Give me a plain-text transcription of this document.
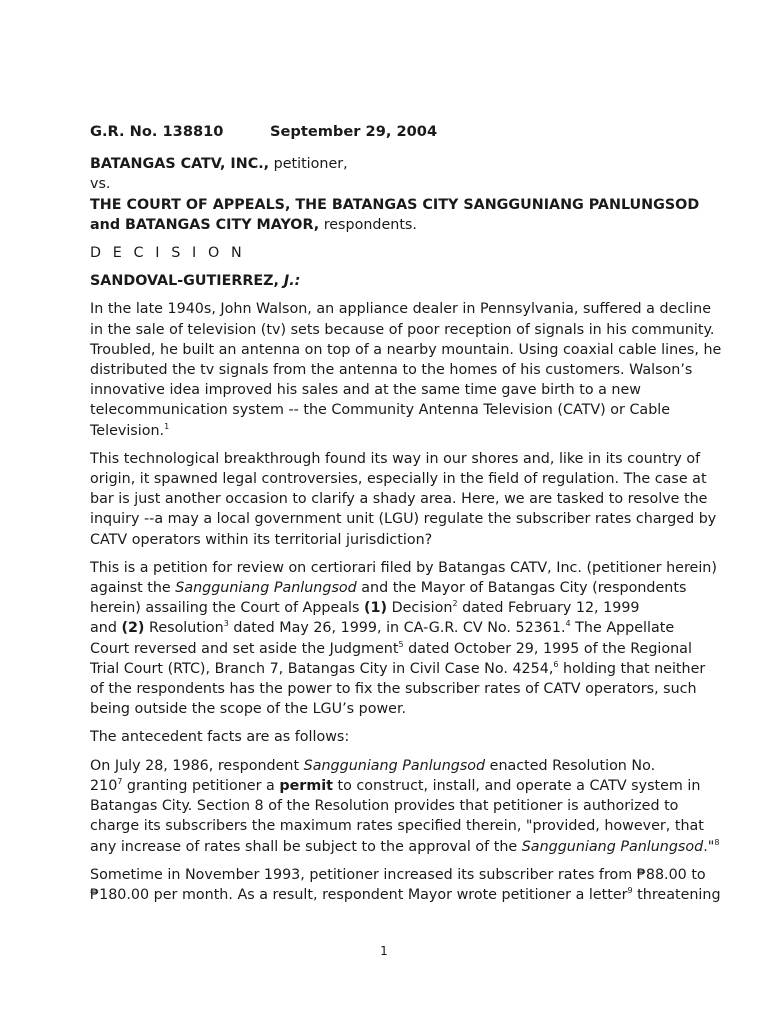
G.R. No. 138810	September 29, 2004
BATANGAS CATV, INC., petitioner,
vs.
THE COURT OF APPEALS, THE BATANGAS CITY SANGGUNIANG PANLUNGSOD
and BATANGAS CITY MAYOR, respondents.
D E C I S I O N
SANDOVAL-GUTIERREZ, J.:
In the late 1940s, John Walson, an appliance dealer in Pennsylvania, suffered a decline
in the sale of television (tv) sets because of poor reception of signals in his community.
Troubled, he built an antenna on top of a nearby mountain. Using coaxial cable lines, he
distributed the tv signals from the antenna to the homes of his customers. Walson’s
innovative idea improved his sales and at the same time gave birth to a new
telecommunication system -- the Community Antenna Television (CATV) or Cable
Television.$^1$
This technological breakthrough found its way in our shores and, like in its country of
origin, it spawned legal controversies, especially in the field of regulation. The case at
bar is just another occasion to clarify a shady area. Here, we are tasked to resolve the
inquiry --a may a local government unit (LGU) regulate the subscriber rates charged by
CATV operators within its territorial jurisdiction?
This is a petition for review on certiorari filed by Batangas CATV, Inc. (petitioner herein)
against the Sangguniang Panlungsod and the Mayor of Batangas City (respondents
herein) assailing the Court of Appeals (1) Decision$^2$ dated February 12, 1999
and (2) Resolution$^3$ dated May 26, 1999, in CA-G.R. CV No. 52361.$^4$ The Appellate
Court reversed and set aside the Judgment$^5$ dated October 29, 1995 of the Regional
Trial Court (RTC), Branch 7, Batangas City in Civil Case No. 4254,$^6$ holding that neither
of the respondents has the power to fix the subscriber rates of CATV operators, such
being outside the scope of the LGU’s power.
The antecedent facts are as follows:
On July 28, 1986, respondent Sangguniang Panlungsod enacted Resolution No.
$210^7$ granting petitioner a permit to construct, install, and operate a CATV system in
Batangas City. Section 8 of the Resolution provides that petitioner is authorized to
charge its subscribers the maximum rates specified therein, "provided, however, that
any increase of rates shall be subject to the approval of the Sangguniang Panlungsod."$^8$
Sometime in November 1993, petitioner increased its subscriber rates from ₱88.00 to
₱180.00 per month. As a result, respondent Mayor wrote petitioner a letter$^9$ threatening
1
